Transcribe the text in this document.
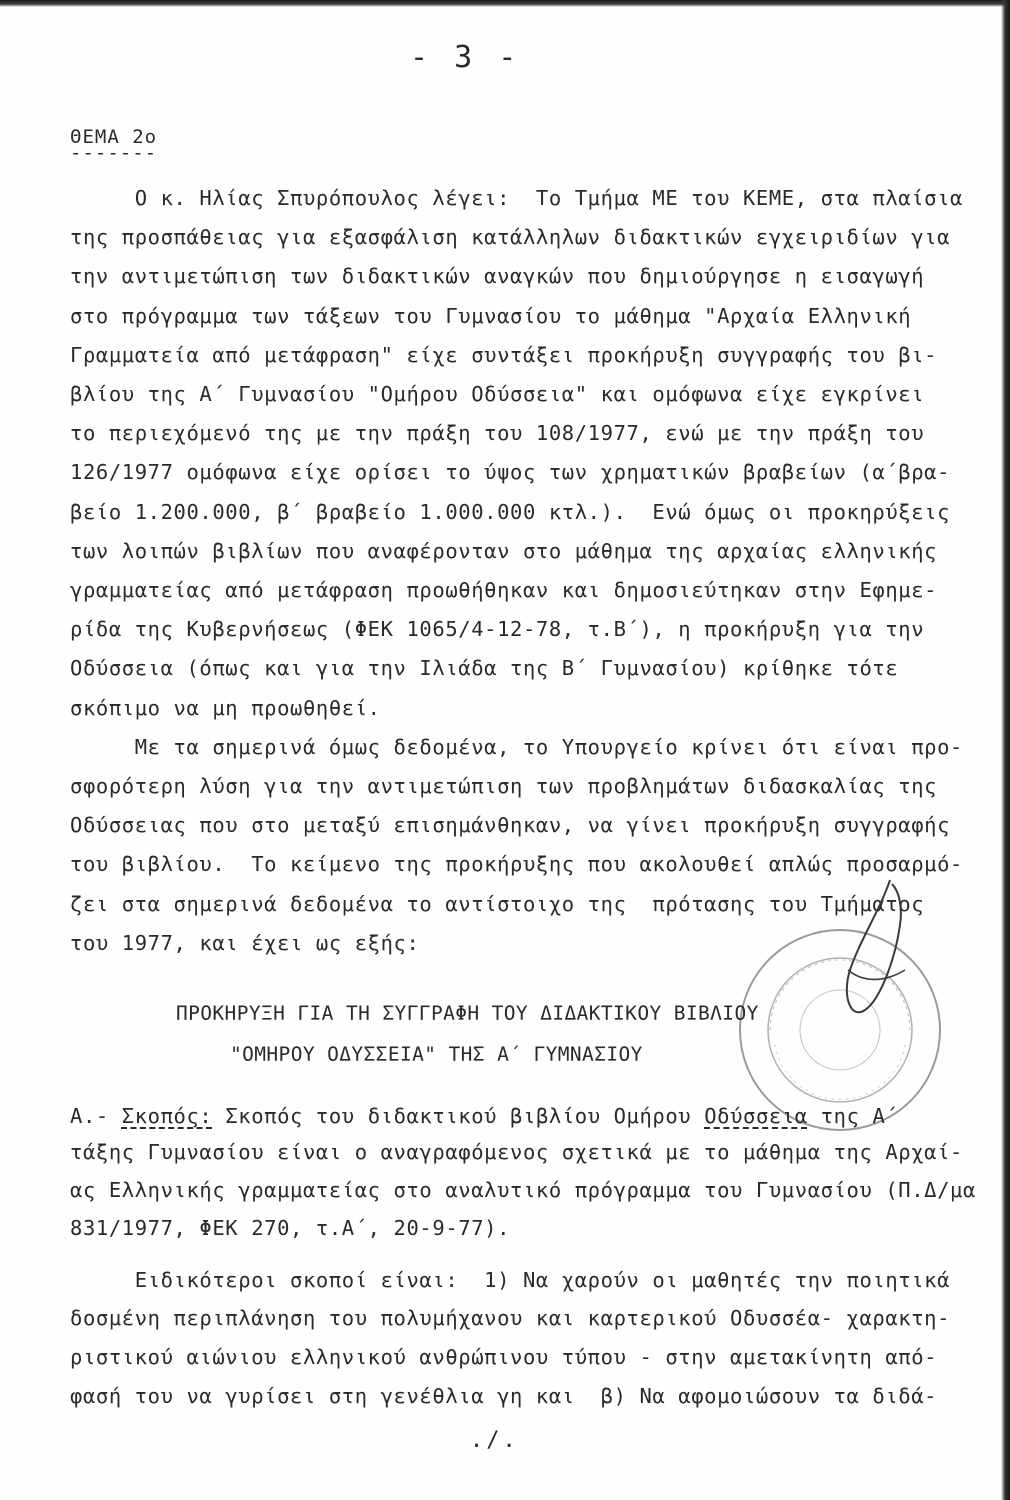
- 3 -
ΘΕΜΑ 2ο
-------
Ο κ. Ηλίας Σπυρόπουλος λέγει:  Το Τμήμα ΜΕ του ΚΕΜΕ, στα πλαίσια
της προσπάθειας για εξασφάλιση κατάλληλων διδακτικών εγχειριδίων για
την αντιμετώπιση των διδακτικών αναγκών που δημιούργησε η εισαγωγή
στο πρόγραμμα των τάξεων του Γυμνασίου το μάθημα "Αρχαία Ελληνική
Γραμματεία από μετάφραση" είχε συντάξει προκήρυξη συγγραφής του βι-
βλίου της Α΄ Γυμνασίου "Ομήρου Οδύσσεια" και ομόφωνα είχε εγκρίνει
το περιεχόμενό της με την πράξη του 108/1977, ενώ με την πράξη του
126/1977 ομόφωνα είχε ορίσει το ύψος των χρηματικών βραβείων (α΄βρα-
βείο 1.200.000, β΄ βραβείο 1.000.000 κτλ.).  Ενώ όμως οι προκηρύξεις
των λοιπών βιβλίων που αναφέρονταν στο μάθημα της αρχαίας ελληνικής
γραμματείας από μετάφραση προωθήθηκαν και δημοσιεύτηκαν στην Εφημε-
ρίδα της Κυβερνήσεως (ΦΕΚ 1065/4-12-78, τ.Β΄), η προκήρυξη για την
Οδύσσεια (όπως και για την Ιλιάδα της Β΄ Γυμνασίου) κρίθηκε τότε
σκόπιμο να μη προωθηθεί.
Με τα σημερινά όμως δεδομένα, το Υπουργείο κρίνει ότι είναι προ-
σφορότερη λύση για την αντιμετώπιση των προβλημάτων διδασκαλίας της
Οδύσσειας που στο μεταξύ επισημάνθηκαν, να γίνει προκήρυξη συγγραφής
του βιβλίου.  Το κείμενο της προκήρυξης που ακολουθεί απλώς προσαρμό-
ζει στα σημερινά δεδομένα το αντίστοιχο της  πρότασης του Τμήματος
του 1977, και έχει ως εξής:
ΠΡΟΚΗΡΥΞΗ ΓΙΑ ΤΗ ΣΥΓΓΡΑΦΗ ΤΟΥ ΔΙΔΑΚΤΙΚΟΥ ΒΙΒΛΙΟΥ
"ΟΜΗΡΟΥ ΟΔΥΣΣΕΙΑ" ΤΗΣ Α΄ ΓΥΜΝΑΣΙΟΥ
Α.- Σκοπός: Σκοπός του διδακτικού βιβλίου Ομήρου Οδύσσεια της Α΄
τάξης Γυμνασίου είναι ο αναγραφόμενος σχετικά με το μάθημα της Αρχαί-
ας Ελληνικής γραμματείας στο αναλυτικό πρόγραμμα του Γυμνασίου (Π.Δ/μα
831/1977, ΦΕΚ 270, τ.Α΄, 20-9-77).
Ειδικότεροι σκοποί είναι:  1) Να χαρούν οι μαθητές την ποιητικά
δοσμένη περιπλάνηση του πολυμήχανου και καρτερικού Οδυσσέα- χαρακτη-
ριστικού αιώνιου ελληνικού ανθρώπινου τύπου - στην αμετακίνητη από-
φασή του να γυρίσει στη γενέθλια γη και  β) Να αφομοιώσουν τα διδά-
./.
